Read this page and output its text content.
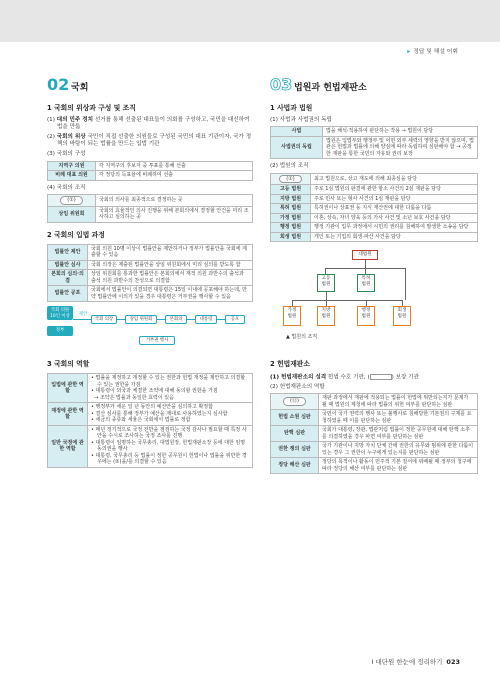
▸ 정답 및 해설 어휘
02 국회
1 국회의 위상과 구성 및 조직
(1) 대의 민주 정치 선거를 통해 선출된 대표들이 의회를 구성하고, 국민을 대신하여 법을 만듦
(2) 국회의 위상 국민이 직접 선출한 의원들로 구성된 국민의 대표 기관이자, 국가 정책의 바탕이 되는 법률을 만드는 입법 기관
(3) 국회의 구성
지역구 의원	각 지역구의 후보자 중 투표를 통해 선출
비례 대표 의원	각 정당의 득표율에 비례하여 선출
(4) 국회의 조직
(①)	국회의 의사를 최종적으로 결정하는 곳
상임 위원회	국회의 효율적인 의사 진행을 위해 본회의에서 결정할 안건을 미리 조사하고 심의하는 곳
2 국회의 입법 과정
법률안 제안	국회 의원 10명 이상이 법률안을 제안하거나 정부가 법률안을 국회에 제출할 수 있음
법률안 심사	국회 의장은 제출된 법률안을 상임 위원회에서 미리 심의를 받도록 함
본회의 심의·의결	상임 위원회를 통과한 법률안은 본회의에서 재적 의원 과반수의 출석과 출석 의원 과반수의 찬성으로 의결함
법률안 공포	국회에서 법률안이 의결되면 대통령은 15일 이내에 공포해야 하는데, 만약 법률안에 이의가 있을 경우 대통령은 거부권을 행사할 수 있음
국회 의원 10인 이상
정부
제안
국회 의장	상임 위원회	본회의	대통령	공포
거부권 행사
3 국회의 역할
입법에 관한 역할	• 법률을 제정하고 개정할 수 있는 권한과 헌법 개정을 제안하고 의결할 수 있는 권한을 가짐
• 대통령이 외국과 체결한 조약에 대해 동의할 권한을 가짐
→ 조약은 법률과 동일한 효력이 있음

재정에 관한 역할	• 행정부가 세운 일 년 동안의 예산안을 심의하고 확정함
• 결산 심사를 통해 정부가 예산을 제대로 사용하였는지 심사함
• 세금의 종류와 세율은 국회에서 법률로 정함

일반 국정에 관한 역할	• 매년 정기적으로 국정 전반을 점검하는 국정 감사나 필요할 때 특정 사안을 수시로 조사하는 국정 조사를 진행
• 대통령이 임명하는 국무총리, 대법원장, 헌법재판소장 등에 대한 임명 동의권을 행사
• 대통령, 국무총리 등 법률이 정한 공무원이 헌법이나 법률을 위반한 경우에는 (②)을/를 의결할 수 있음
03 법원과 헌법재판소
1 사법과 법원
(1) 사법과 사법권의 독립
사법	법을 해석·적용하여 판단하는 작용 → 법원이 담당
사법권의 독립	법원은 입법부와 행정부 및 어떤 외부 세력의 영향을 받지 않으며, 법관은 헌법과 법률에 의해 양심에 따라 독립하여 심판해야 함 → 공정한 재판을 통한 국민의 자유와 권리 보장
(2) 법원의 조직
(①)	최고 법원으로, 상고 재도에 의해 최종심을 담당
고등 법원	주로 1심 법원의 판결에 관한 항소 사건의 2심 재판을 담당
지방 법원	주로 민사 또는 형사 사건의 1심 재판을 담당
특허 법원	특허권이나 상표권 등 지식 재산권에 대한 다툼을 다룸
가정 법원	이혼, 상속, 자녀 양육 등의 가사 사건 및 소년 보호 사건을 담당
행정 법원	행정 기관이 업무 과정에서 시민의 권리를 침해하여 발생한 소송을 담당
회생 법원	개인 또는 기업의 회생·파산 사건을 담당
대법원
고등 법원
특허 법원
가정 법원
지방 법원
행정 법원
회생 법원
▲ 법원의 조직
2 헌법재판소
(1) 헌법재판소의 성격 헌법 수호 기관, (	) 보장 기관
(2) 헌법재판소의 역할
(⑫)	재판 과정에서 재판에 적용되는 법률이 헌법에 위반되는지가 문제가 될 때 법원의 제청에 따라 법률의 위헌 여부를 판단하는 심판
헌법 소원 심판	국민이 국가 권력의 행사 또는 불행사로 침해당한 기본권의 구제를 요청하였을 때 이를 판단하는 심판
탄핵 심판	국회가 대통령, 장관, 법관처럼 법률이 정한 공무원에 대해 탄핵 소추를 의결하였을 경우 파면 여부를 판단하는 심판
권한 쟁의 심판	국가 기관이나 지방 자치 단체 간에 권한의 유무와 범위에 관한 다툼이 있는 경우 그 권한이 누구에게 있는지를 판단하는 심판
정당 해산 심판	정당의 목적이나 활동이 민주적 기본 질서에 위배될 때 정부의 청구에 따라 정당의 해산 여부를 판단하는 심판
I 대단원 한눈에 정리하기 023
